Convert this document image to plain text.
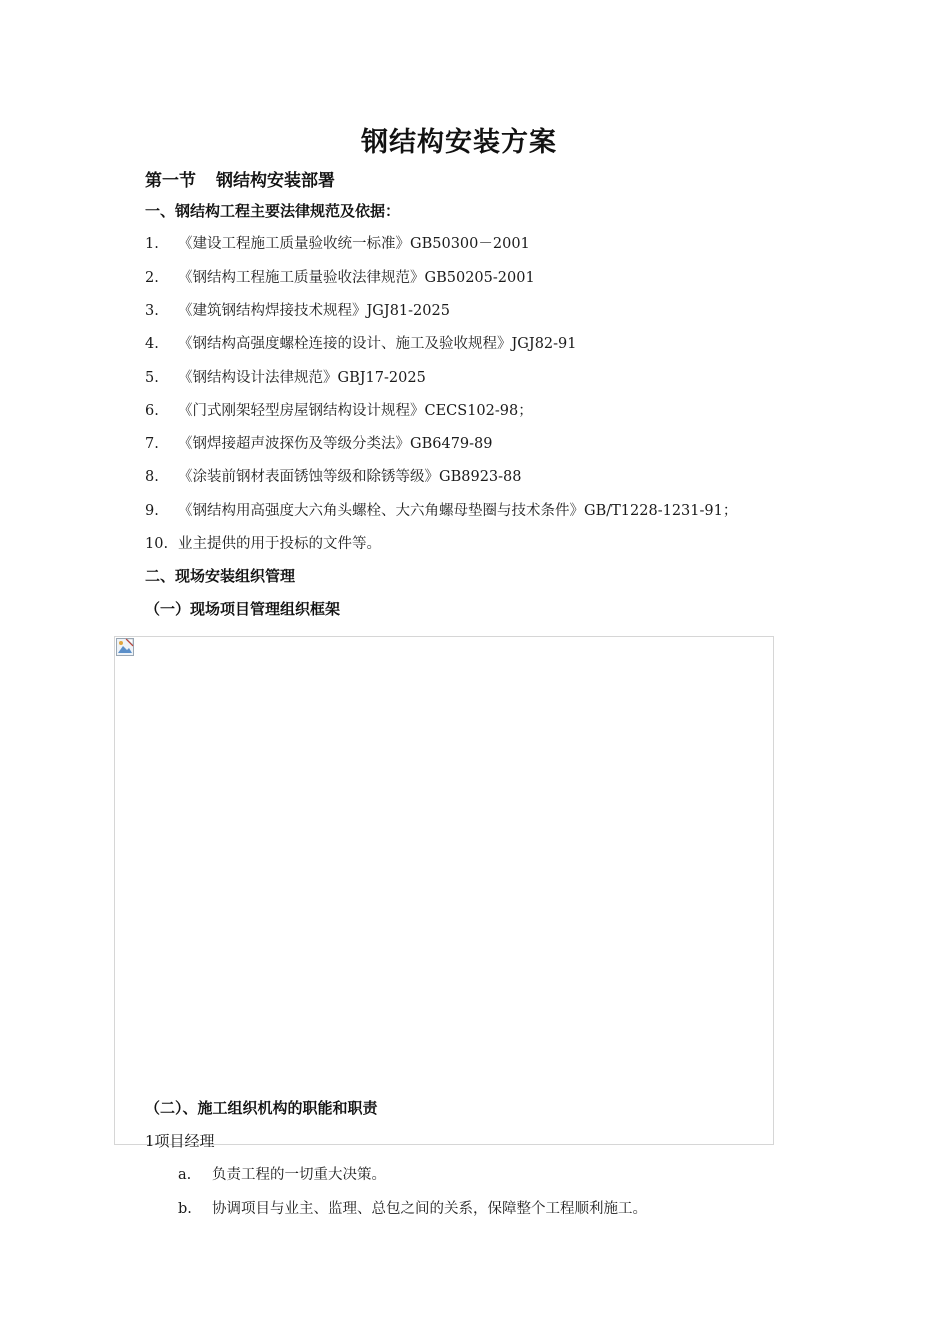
钢结构安装方案
第一节 钢结构安装部署
一、钢结构工程主要法律规范及依据：
1. 《建设工程施工质量验收统一标准》GB50300－2001
2. 《钢结构工程施工质量验收法律规范》GB50205-2001
3. 《建筑钢结构焊接技术规程》JGJ81-2025
4. 《钢结构高强度螺栓连接的设计、施工及验收规程》JGJ82-91
5. 《钢结构设计法律规范》GBJ17-2025
6. 《门式刚架轻型房屋钢结构设计规程》CECS102-98；
7. 《钢焊接超声波探伤及等级分类法》GB6479-89
8. 《涂装前钢材表面锈蚀等级和除锈等级》GB8923-88
9. 《钢结构用高强度大六角头螺栓、大六角螺母垫圈与技术条件》GB/T1228-1231-91；
10. 业主提供的用于投标的文件等。
二、现场安装组织管理
（一）现场项目管理组织框架
（二）、施工组织机构的职能和职责
1项目经理
a. 负责工程的一切重大决策。
b. 协调项目与业主、监理、总包之间的关系，保障整个工程顺利施工。
